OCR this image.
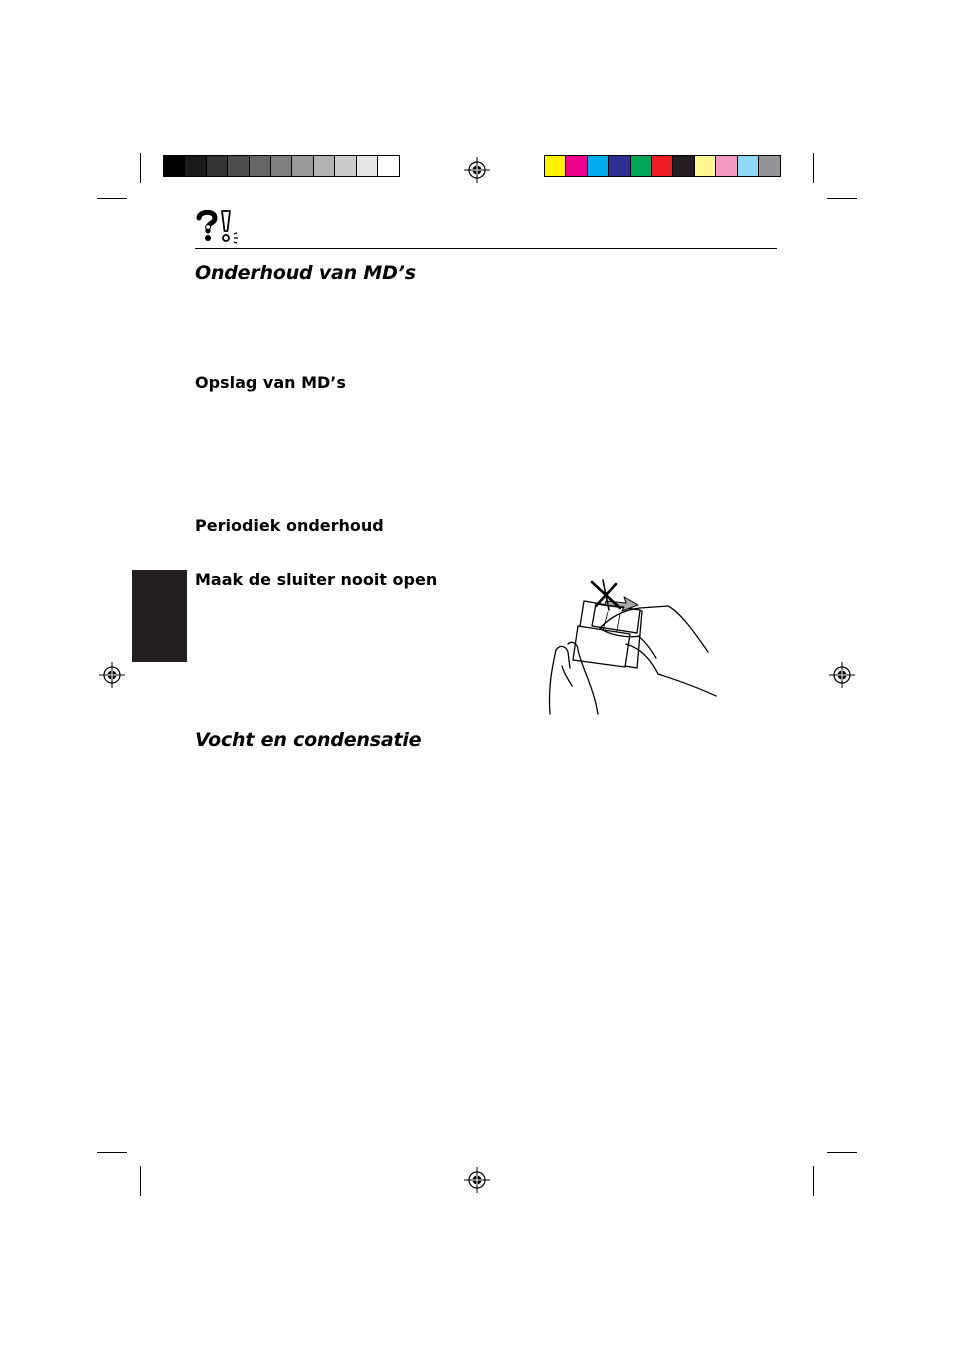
Onderhoud van MD’s
Opslag van MD’s
Periodiek onderhoud
Maak de sluiter nooit open
Vocht en condensatie
